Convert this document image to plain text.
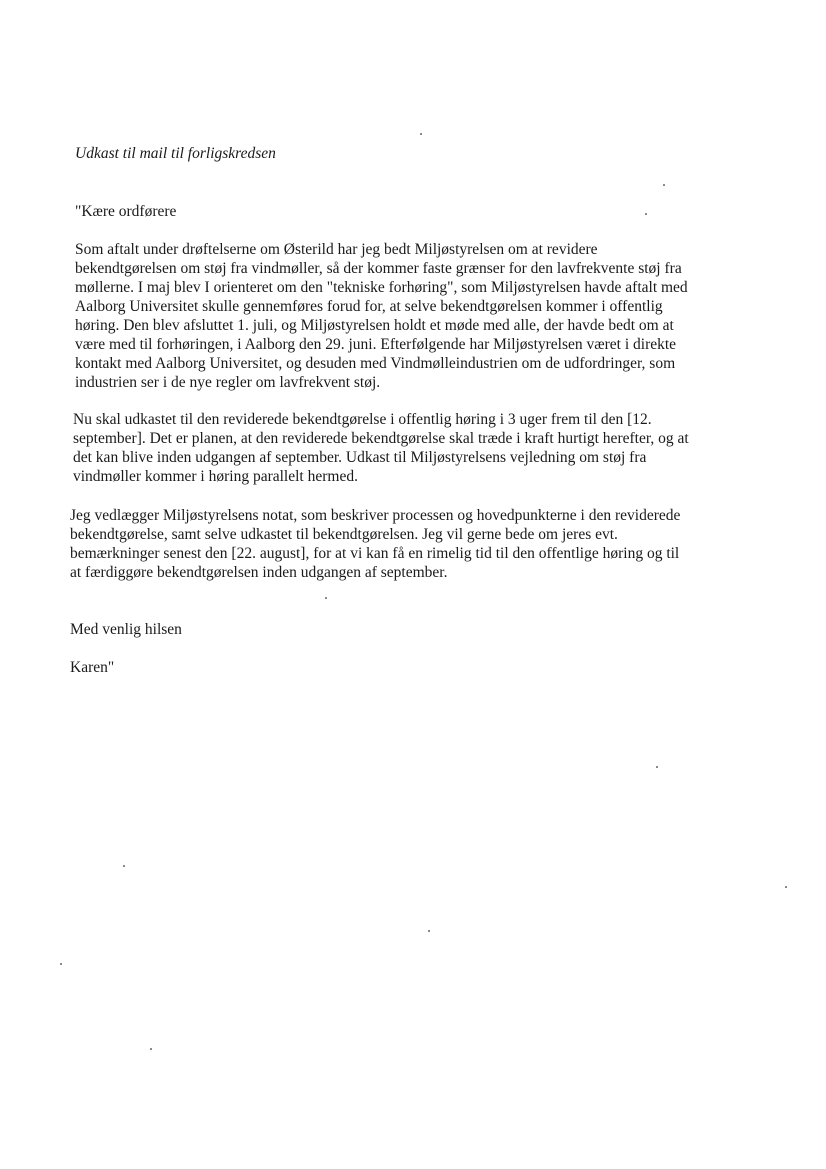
Udkast til mail til forligskredsen
"Kære ordførere
Som aftalt under drøftelserne om Østerild har jeg bedt Miljøstyrelsen om at revidere
bekendtgørelsen om støj fra vindmøller, så der kommer faste grænser for den lavfrekvente støj fra
møllerne. I maj blev I orienteret om den "tekniske forhøring", som Miljøstyrelsen havde aftalt med
Aalborg Universitet skulle gennemføres forud for, at selve bekendtgørelsen kommer i offentlig
høring. Den blev afsluttet 1. juli, og Miljøstyrelsen holdt et møde med alle, der havde bedt om at
være med til forhøringen, i Aalborg den 29. juni. Efterfølgende har Miljøstyrelsen været i direkte
kontakt med Aalborg Universitet, og desuden med Vindmølleindustrien om de udfordringer, som
industrien ser i de nye regler om lavfrekvent støj.
Nu skal udkastet til den reviderede bekendtgørelse i offentlig høring i 3 uger frem til den [12.
september]. Det er planen, at den reviderede bekendtgørelse skal træde i kraft hurtigt herefter, og at
det kan blive inden udgangen af september. Udkast til Miljøstyrelsens vejledning om støj fra
vindmøller kommer i høring parallelt hermed.
Jeg vedlægger Miljøstyrelsens notat, som beskriver processen og hovedpunkterne i den reviderede
bekendtgørelse, samt selve udkastet til bekendtgørelsen. Jeg vil gerne bede om jeres evt.
bemærkninger senest den [22. august], for at vi kan få en rimelig tid til den offentlige høring og til
at færdiggøre bekendtgørelsen inden udgangen af september.
Med venlig hilsen
Karen"
